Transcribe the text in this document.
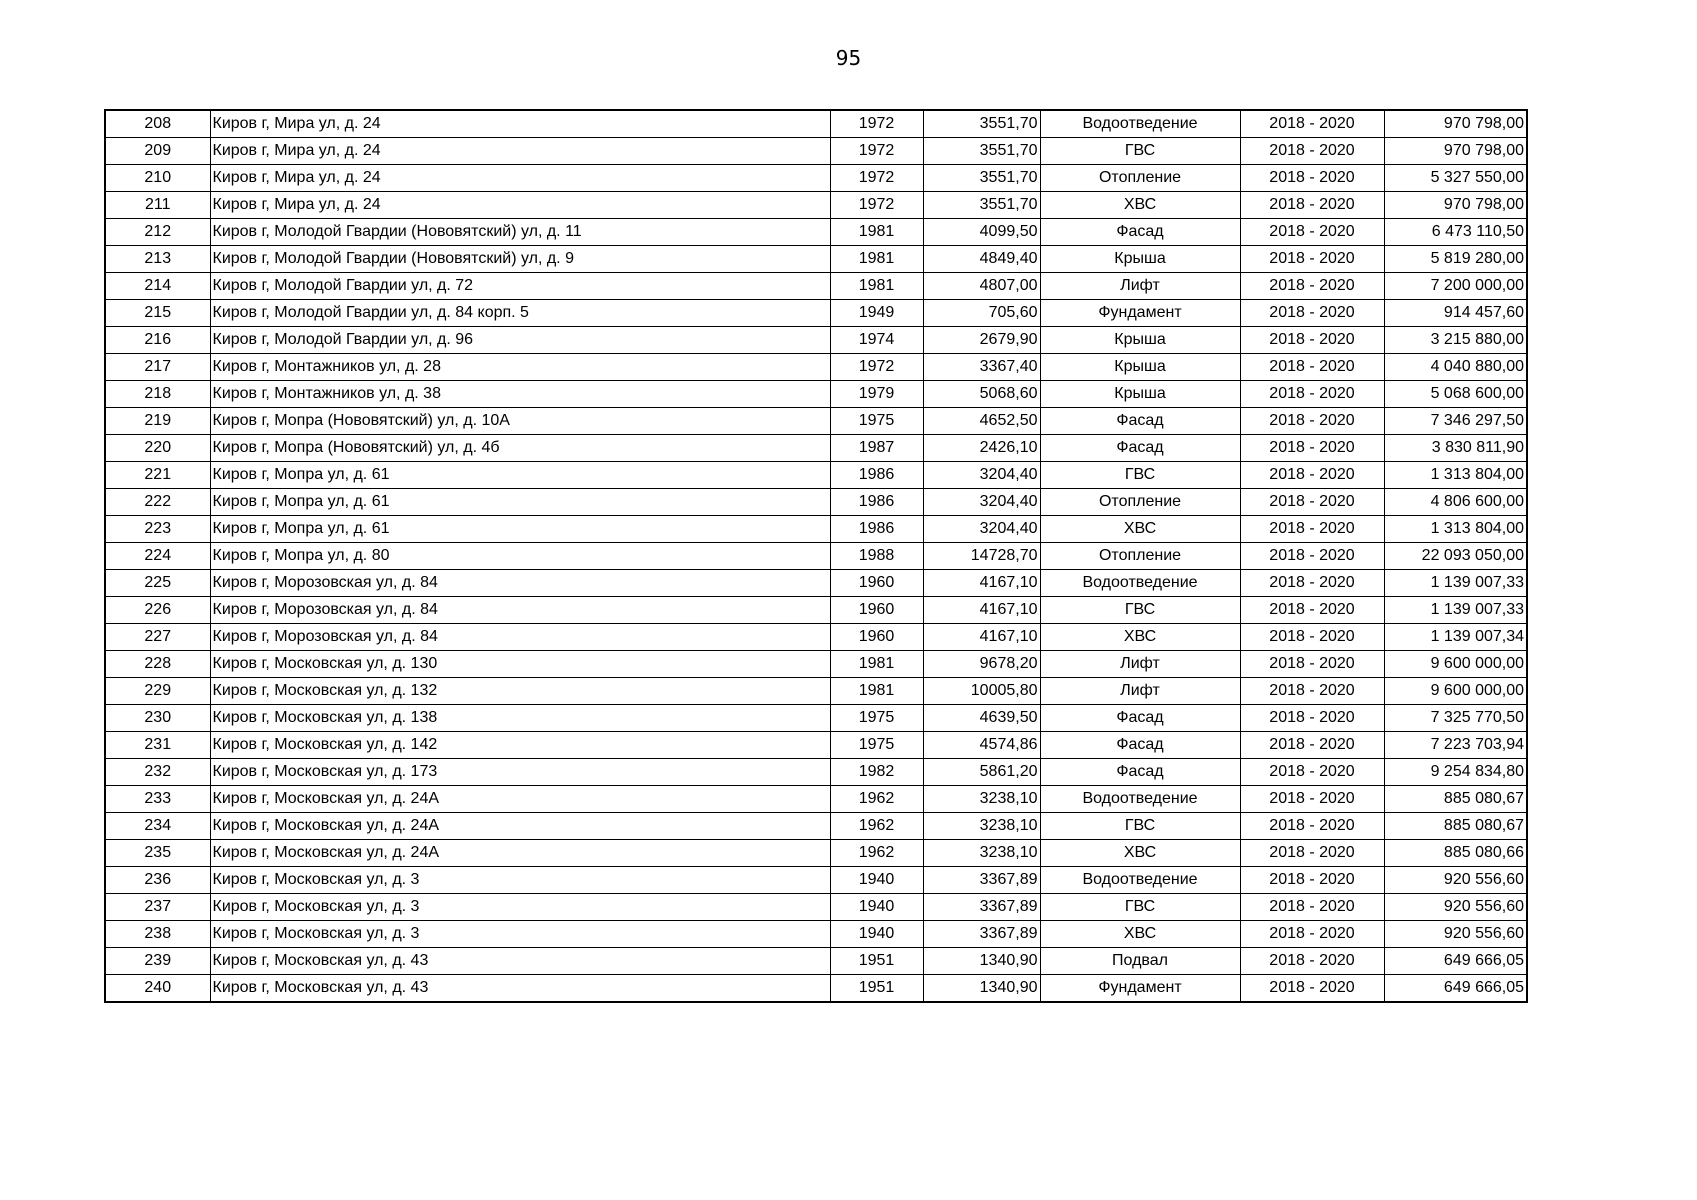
95
208	Киров г, Мира ул, д. 24	1972	3551,70	Водоотведение	2018 - 2020	970 798,00
209	Киров г, Мира ул, д. 24	1972	3551,70	ГВС	2018 - 2020	970 798,00
210	Киров г, Мира ул, д. 24	1972	3551,70	Отопление	2018 - 2020	5 327 550,00
211	Киров г, Мира ул, д. 24	1972	3551,70	ХВС	2018 - 2020	970 798,00
212	Киров г, Молодой Гвардии (Нововятский) ул, д. 11	1981	4099,50	Фасад	2018 - 2020	6 473 110,50
213	Киров г, Молодой Гвардии (Нововятский) ул, д. 9	1981	4849,40	Крыша	2018 - 2020	5 819 280,00
214	Киров г, Молодой Гвардии ул, д. 72	1981	4807,00	Лифт	2018 - 2020	7 200 000,00
215	Киров г, Молодой Гвардии ул, д. 84 корп. 5	1949	705,60	Фундамент	2018 - 2020	914 457,60
216	Киров г, Молодой Гвардии ул, д. 96	1974	2679,90	Крыша	2018 - 2020	3 215 880,00
217	Киров г, Монтажников ул, д. 28	1972	3367,40	Крыша	2018 - 2020	4 040 880,00
218	Киров г, Монтажников ул, д. 38	1979	5068,60	Крыша	2018 - 2020	5 068 600,00
219	Киров г, Мопра (Нововятский) ул, д. 10А	1975	4652,50	Фасад	2018 - 2020	7 346 297,50
220	Киров г, Мопра (Нововятский) ул, д. 4б	1987	2426,10	Фасад	2018 - 2020	3 830 811,90
221	Киров г, Мопра ул, д. 61	1986	3204,40	ГВС	2018 - 2020	1 313 804,00
222	Киров г, Мопра ул, д. 61	1986	3204,40	Отопление	2018 - 2020	4 806 600,00
223	Киров г, Мопра ул, д. 61	1986	3204,40	ХВС	2018 - 2020	1 313 804,00
224	Киров г, Мопра ул, д. 80	1988	14728,70	Отопление	2018 - 2020	22 093 050,00
225	Киров г, Морозовская ул, д. 84	1960	4167,10	Водоотведение	2018 - 2020	1 139 007,33
226	Киров г, Морозовская ул, д. 84	1960	4167,10	ГВС	2018 - 2020	1 139 007,33
227	Киров г, Морозовская ул, д. 84	1960	4167,10	ХВС	2018 - 2020	1 139 007,34
228	Киров г, Московская ул, д. 130	1981	9678,20	Лифт	2018 - 2020	9 600 000,00
229	Киров г, Московская ул, д. 132	1981	10005,80	Лифт	2018 - 2020	9 600 000,00
230	Киров г, Московская ул, д. 138	1975	4639,50	Фасад	2018 - 2020	7 325 770,50
231	Киров г, Московская ул, д. 142	1975	4574,86	Фасад	2018 - 2020	7 223 703,94
232	Киров г, Московская ул, д. 173	1982	5861,20	Фасад	2018 - 2020	9 254 834,80
233	Киров г, Московская ул, д. 24А	1962	3238,10	Водоотведение	2018 - 2020	885 080,67
234	Киров г, Московская ул, д. 24А	1962	3238,10	ГВС	2018 - 2020	885 080,67
235	Киров г, Московская ул, д. 24А	1962	3238,10	ХВС	2018 - 2020	885 080,66
236	Киров г, Московская ул, д. 3	1940	3367,89	Водоотведение	2018 - 2020	920 556,60
237	Киров г, Московская ул, д. 3	1940	3367,89	ГВС	2018 - 2020	920 556,60
238	Киров г, Московская ул, д. 3	1940	3367,89	ХВС	2018 - 2020	920 556,60
239	Киров г, Московская ул, д. 43	1951	1340,90	Подвал	2018 - 2020	649 666,05
240	Киров г, Московская ул, д. 43	1951	1340,90	Фундамент	2018 - 2020	649 666,05
